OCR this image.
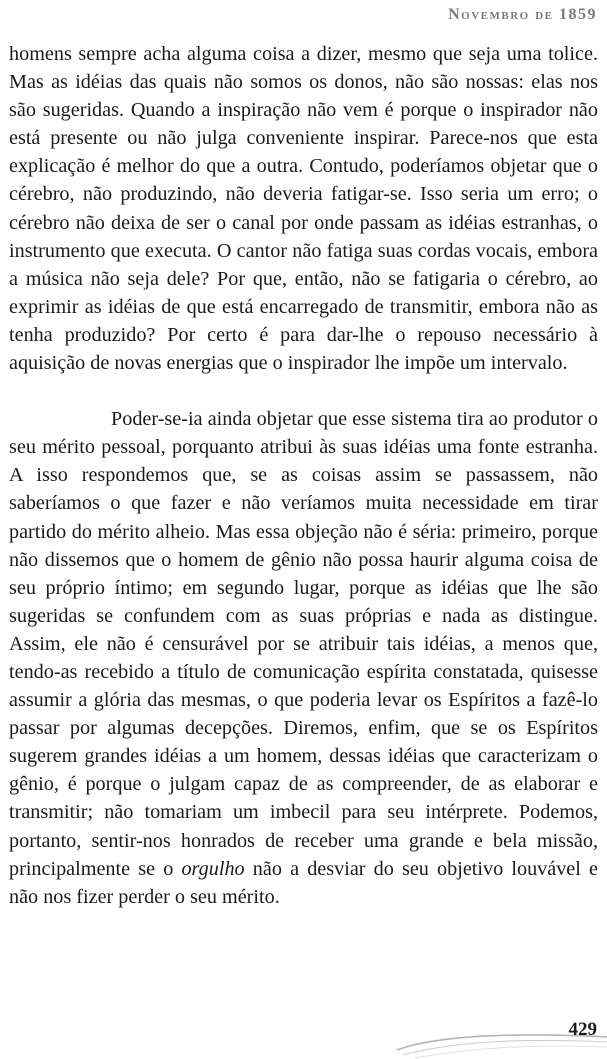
Novembro de 1859

homens sempre acha alguma coisa a dizer, mesmo que seja uma tolice. Mas as idéias das quais não somos os donos, não são nossas: elas nos são sugeridas. Quando a inspiração não vem é porque o inspirador não está presente ou não julga conveniente inspirar. Parece-nos que esta explicação é melhor do que a outra. Contudo, poderíamos objetar que o cérebro, não produzindo, não deveria fatigar-se. Isso seria um erro; o cérebro não deixa de ser o canal por onde passam as idéias estranhas, o instrumento que executa. O cantor não fatiga suas cordas vocais, embora a música não seja dele? Por que, então, não se fatigaria o cérebro, ao exprimir as idéias de que está encarregado de transmitir, embora não as tenha produzido? Por certo é para dar-lhe o repouso necessário à aquisição de novas energias que o inspirador lhe impõe um intervalo.

Poder-se-ia ainda objetar que esse sistema tira ao produtor o seu mérito pessoal, porquanto atribui às suas idéias uma fonte estranha. A isso respondemos que, se as coisas assim se passassem, não saberíamos o que fazer e não veríamos muita necessidade em tirar partido do mérito alheio. Mas essa objeção não é séria: primeiro, porque não dissemos que o homem de gênio não possa haurir alguma coisa de seu próprio íntimo; em segundo lugar, porque as idéias que lhe são sugeridas se confundem com as suas próprias e nada as distingue. Assim, ele não é censurável por se atribuir tais idéias, a menos que, tendo-as recebido a título de comunicação espírita constatada, quisesse assumir a glória das mesmas, o que poderia levar os Espíritos a fazê-lo passar por algumas decepções. Diremos, enfim, que se os Espíritos sugerem grandes idéias a um homem, dessas idéias que caracterizam o gênio, é porque o julgam capaz de as compreender, de as elaborar e transmitir; não tomariam um imbecil para seu intérprete. Podemos, portanto, sentir-nos honrados de receber uma grande e bela missão, principalmente se o orgulho não a desviar do seu objetivo louvável e não nos fizer perder o seu mérito.

429
